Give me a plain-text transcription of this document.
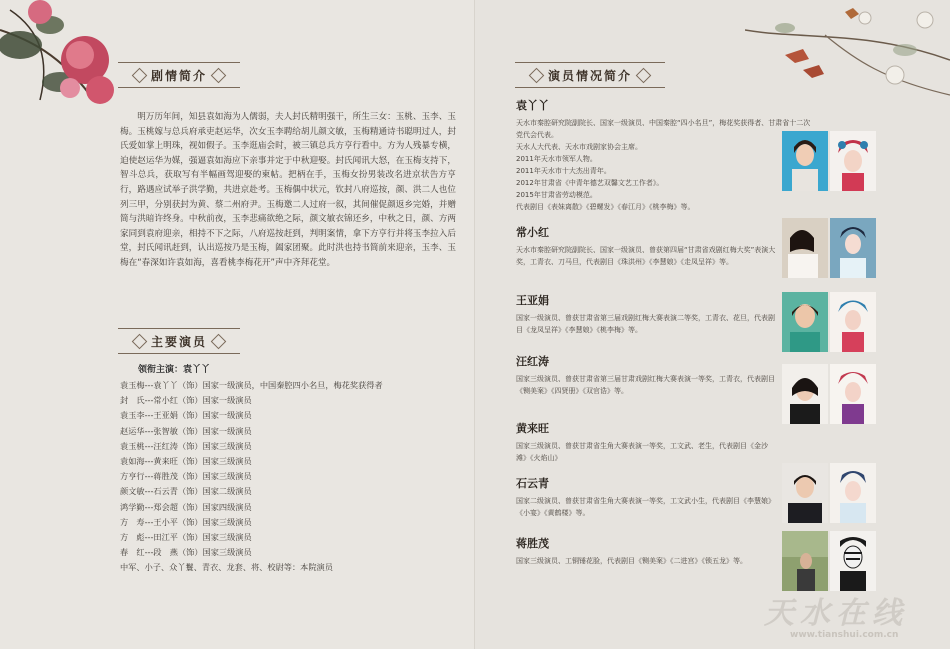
剧情简介

明万历年间，知县袁如海为人儒弱，夫人封氏精明强干，所生三女：玉桃、玉李、玉梅。玉桃嫁与总兵府承吏赵运华，次女玉李聘给胡儿颜文敏，玉梅精通诗书聪明过人，封氏爱如掌上明珠，视如假子。玉李逛庙会时，被三镇总兵方亨行看中。方为人残暴专横，迫使赵运华为媒，强逼袁如海应下亲事并定于中秋迎娶。封氏闻讯大怒，在玉梅支持下，智斗总兵，获取写有半幅画驾迎娶的柬帖。把柄在手，玉梅女扮男装改名进京状告方亨行，路遇应试举子洪学勤，共进京赴考。玉梅偶中状元，钦封八府巡按，颜、洪二人也位列三甲，分别获封为黄、蔡二州府尹。玉梅邀二人过府一叙，其间催促颜返乡完婚，并赠简与洪暗许终身。中秋前夜，玉李悲痛欲绝之际，颜文敏衣锦还乡，中秋之日，颜、方两家同到袁府迎亲，相持不下之际，八府巡按赶到，判明案情，拿下方亨行并将玉李拉入后堂，封氏闻讯赶到，认出巡按乃是玉梅，阖家团聚。此时洪也持书简前来迎亲，玉李、玉梅在“春深如许袁如海，喜看桃李梅花开”声中齐拜花堂。

主要演员
领衔主演：袁丫丫
袁玉梅---袁丫丫（饰）国家一级演员，中国秦腔四小名旦，梅花奖获得者
封　氏---常小红（饰）国家一级演员
袁玉李---王亚娟（饰）国家一级演员
赵运华---张智敏（饰）国家一级演员
袁玉桃---汪红涛（饰）国家三级演员
袁如海---黄来旺（饰）国家三级演员
方亨行---蒋胜茂（饰）国家三级演员
颜文敏---石云青（饰）国家二级演员
鸿学勤---郑会超（饰）国家四级演员
方　寿---王小平（饰）国家三级演员
方　彪---田江平（饰）国家三级演员
春　红---段　燕（饰）国家三级演员
中军、小子、众丫鬟、青衣、龙套、将、校尉等：本院演员
演员情况简介
袁丫丫
天水市秦腔研究院副院长、国家一级演员、中国秦腔“四小名旦”，梅花奖获得者、甘肃省十二次党代会代表。
天水人大代表、天水市戏剧家协会主席。
2011年天水市领军人物。
2011年天水市十大杰出青年。
2012年甘肃省《中青年德艺双馨文艺工作者》。
2015年甘肃省劳动模范。
代表剧目《表妹离散》《碧螺发》《春江月》《桃李梅》等。
常小红
天水市秦腔研究院副院长、国家一级演员、曾获第四届“甘肃省戏剧红梅大奖”表演大奖，工青衣、刀马旦，代表剧目《珠洪州》《李慧娘》《走凤呈祥》等。
王亚娟
国家一级演员、曾获甘肃省第三届戏剧红梅大赛表演二等奖，工青衣、花旦，代表剧目《龙凤呈祥》《李慧娘》《桃李梅》等。
汪红涛
国家三级演员、曾获甘肃省第三届甘肃戏剧红梅大赛表演一等奖，工青衣，代表剧目《铡美案》《四贤册》《双官诰》等。
黄来旺
国家三级演员、曾获甘肃省生角大赛表演一等奖，工文武、老生，代表剧目《金沙滩》《火焰山》
石云青
国家二级演员、曾获甘肃省生角大赛表演一等奖，工文武小生，代表剧目《李慧娘》《小宴》《黄鹤楼》等。
蒋胜茂
国家三级演员、工铜锤花脸，代表剧目《铡美案》《二进宫》《锁五龙》等。
天水在线
www.tianshui.com.cn
